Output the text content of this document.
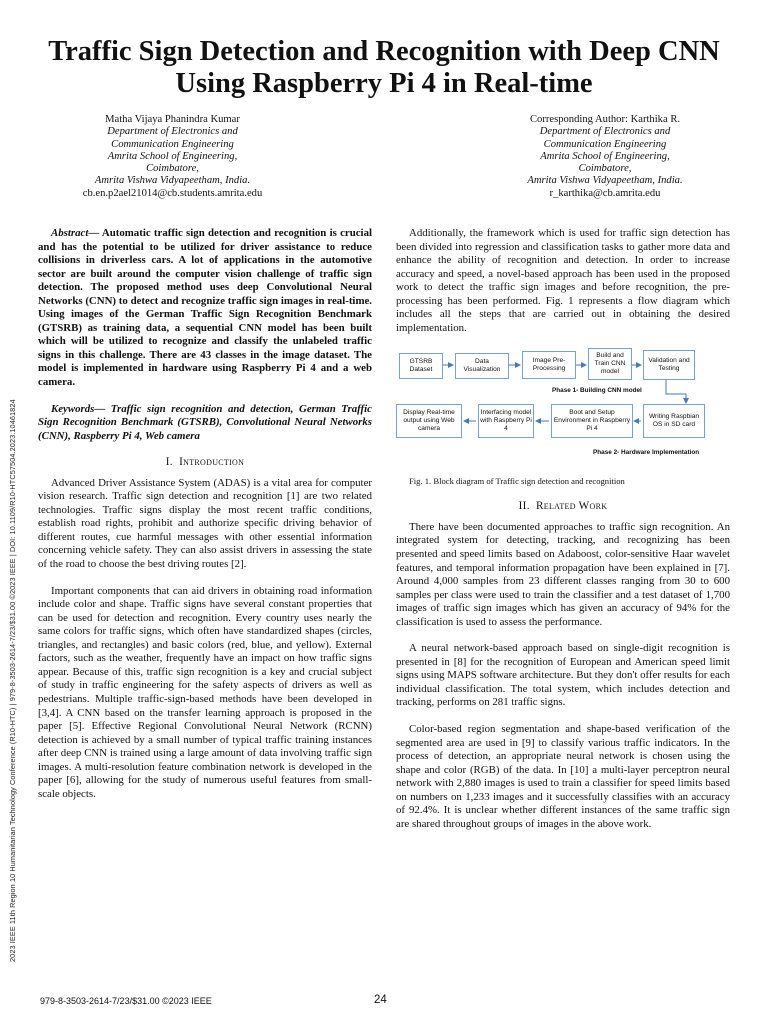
Traffic Sign Detection and Recognition with Deep CNN Using Raspberry Pi 4 in Real-time
Matha Vijaya Phanindra Kumar
Department of Electronics and
Communication Engineering
Amrita School of Engineering,
Coimbatore,
Amrita Vishwa Vidyapeetham, India.
cb.en.p2ael21014@cb.students.amrita.edu
Corresponding Author: Karthika R.
Department of Electronics and
Communication Engineering
Amrita School of Engineering,
Coimbatore,
Amrita Vishwa Vidyapeetham, India.
r_karthika@cb.amrita.edu

Abstract— Automatic traffic sign detection and recognition is crucial and has the potential to be utilized for driver assistance to reduce collisions in driverless cars. A lot of applications in the automotive sector are built around the computer vision challenge of traffic sign detection. The proposed method uses deep Convolutional Neural Networks (CNN) to detect and recognize traffic sign images in real-time. Using images of the German Traffic Sign Recognition Benchmark (GTSRB) as training data, a sequential CNN model has been built which will be utilized to recognize and classify the unlabeled traffic signs in this challenge. There are 43 classes in the image dataset. The model is implemented in hardware using Raspberry Pi 4 and a web camera.

Keywords— Traffic sign recognition and detection, German Traffic Sign Recognition Benchmark (GTSRB), Convolutional Neural Networks (CNN), Raspberry Pi 4, Web camera

I. Introduction

Advanced Driver Assistance System (ADAS) is a vital area for computer vision research. Traffic sign detection and recognition [1] are two related technologies. Traffic signs display the most recent traffic conditions, establish road rights, prohibit and authorize specific driving behavior of different routes, cue harmful messages with other essential information concerning vehicle safety. They can also assist drivers in assessing the state of the road to choose the best driving routes [2].

Important components that can aid drivers in obtaining road information include color and shape. Traffic signs have several constant properties that can be used for detection and recognition. Every country uses nearly the same colors for traffic signs, which often have standardized shapes (circles, triangles, and rectangles) and basic colors (red, blue, and yellow). External factors, such as the weather, frequently have an impact on how traffic signs appear. Because of this, traffic sign recognition is a key and crucial subject of study in traffic engineering for the safety aspects of drivers as well as pedestrians. Multiple traffic-sign-based methods have been developed in [3,4]. A CNN based on the transfer learning approach is proposed in the paper [5]. Effective Regional Convolutional Neural Network (RCNN) detection is achieved by a small number of typical traffic training instances after deep CNN is trained using a large amount of data involving traffic sign images. A multi-resolution feature combination network is developed in the paper [6], allowing for the study of numerous useful features from small-scale objects.

Additionally, the framework which is used for traffic sign detection has been divided into regression and classification tasks to gather more data and enhance the ability of recognition and detection. In order to increase accuracy and speed, a novel-based approach has been used in the proposed work to detect the traffic sign images and before recognition, the pre-processing has been performed. Fig. 1 represents a flow diagram which includes all the steps that are carried out in obtaining the desired implementation.

GTSRB Dataset
Data Visualization
Image Pre-Processing
Build and Train CNN model
Validation and Testing
Phase 1- Building CNN model
Display Real-time output using Web camera
Interfacing model with Raspberry Pi 4
Boot and Setup Environment in Raspberry Pi 4
Writing Raspbian OS in SD card
Phase 2- Hardware Implementation

Fig. 1. Block diagram of Traffic sign detection and recognition

II. Related Work

There have been documented approaches to traffic sign recognition. An integrated system for detecting, tracking, and recognizing has been presented and speed limits based on Adaboost, color-sensitive Haar wavelet features, and temporal information propagation have been explained in [7]. Around 4,000 samples from 23 different classes ranging from 30 to 600 samples per class were used to train the classifier and a test dataset of 1,700 images of traffic sign images which has given an accuracy of 94% for the classification is used to assess the performance.

A neural network-based approach based on single-digit recognition is presented in [8] for the recognition of European and American speed limit signs using MAPS software architecture. But they don't offer results for each individual classification. The total system, which includes detection and tracking, performs on 281 traffic signs.

Color-based region segmentation and shape-based verification of the segmented area are used in [9] to classify various traffic indicators. In the process of detection, an appropriate neural network is chosen using the shape and color (RGB) of the data. In [10] a multi-layer perceptron neural network with 2,880 images is used to train a classifier for speed limits based on numbers on 1,233 images and it successfully classifies with an accuracy of 92.4%. It is unclear whether different instances of the same traffic sign are shared throughout groups of images in the above work.

2023 IEEE 11th Region 10 Humanitarian Technology Conference (R10-HTC) | 979-8-3503-2614-7/23/$31.00 ©2023 IEEE | DOI: 10.1109/R10-HTC57504.2023.10461824
979-8-3503-2614-7/23/$31.00 ©2023 IEEE	24
